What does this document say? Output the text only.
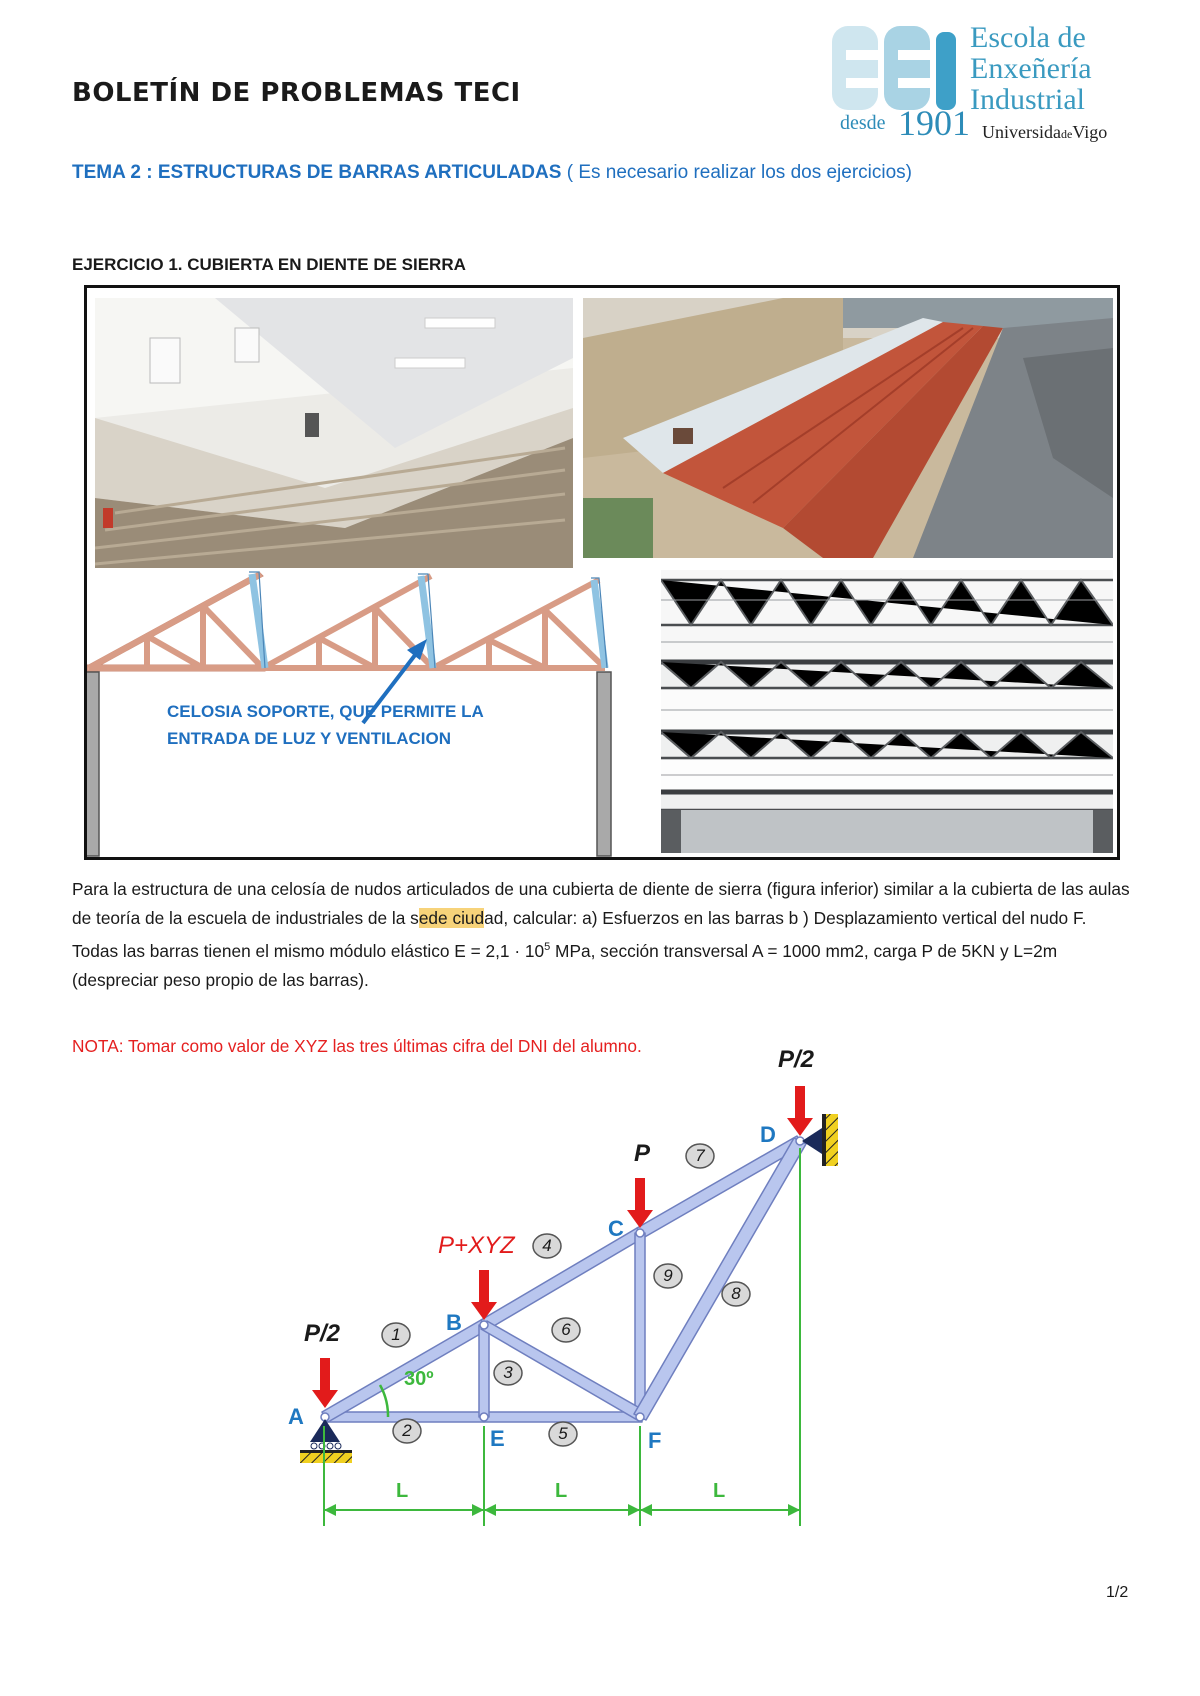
BOLETÍN DE PROBLEMAS TECI
desde 1901
Escola de
Enxeñería
Industrial
UniversidadeVigo
TEMA 2 : ESTRUCTURAS DE BARRAS ARTICULADAS ( Es necesario realizar los dos ejercicios)
EJERCICIO 1. CUBIERTA EN DIENTE DE SIERRA
CELOSIA SOPORTE, QUE PERMITE LA
ENTRADA DE LUZ Y VENTILACION
Para la estructura de una celosía de nudos articulados de una cubierta de diente de sierra (figura inferior) similar a la cubierta de las aulas de teoría de la escuela de industriales de la sede ciudad, calcular: a) Esfuerzos en las barras b ) Desplazamiento vertical del nudo F. Todas las barras tienen el mismo módulo elástico $E = 2,1 \cdot 10^5$ MPa, sección transversal A = 1000 mm2, carga P de 5KN y L=2m (despreciar peso propio de las barras).
NOTA: Tomar como valor de XYZ las tres últimas cifra del DNI del alumno.
1
2
3
4
5
6
7
8
9
A
B
C
D
E	F
P/2
P+XYZ
P
P/2
30º
L	L	L
1/2
